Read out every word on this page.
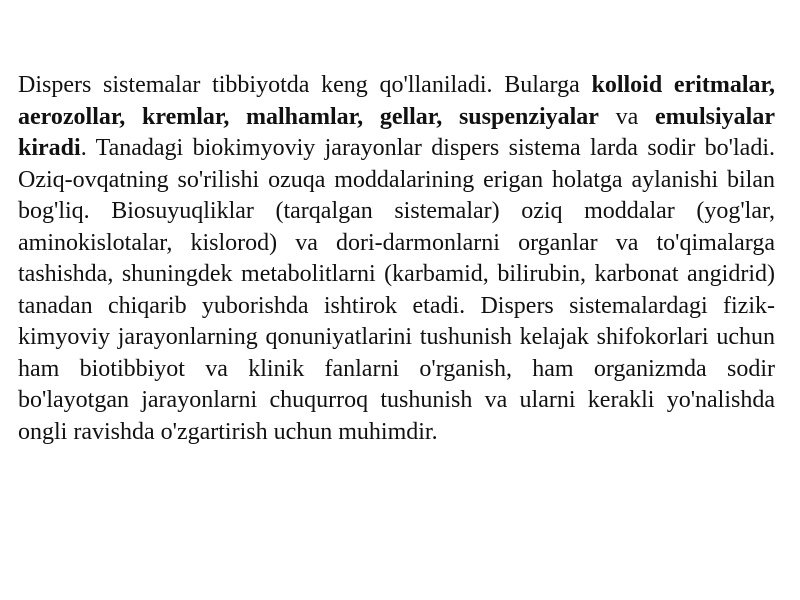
Dispers sistemalar tibbiyotda keng qo'llaniladi. Bularga kolloid eritmalar, aerozollar, kremlar, malhamlar, gellar, suspenziyalar va emulsiyalar kiradi. Tanadagi biokimyoviy jarayonlar dispers sistema larda sodir bo'ladi. Oziq-ovqatning so'rilishi ozuqa moddalarining erigan holatga aylanishi bilan bog'liq. Biosuyuqliklar (tarqalgan sistemalar) oziq moddalar (yog'lar, aminokislotalar, kislorod) va dori-darmonlarni organlar va to'qimalarga tashishda, shuningdek metabolitlarni (karbamid, bilirubin, karbonat angidrid) tanadan chiqarib yuborishda ishtirok etadi. Dispers sistemalardagi fizik-kimyoviy jarayonlarning qonuniyatlarini tushunish kelajak shifokorlari uchun ham biotibbiyot va klinik fanlarni o'rganish, ham organizmda sodir bo'layotgan jarayonlarni chuqurroq tushunish va ularni kerakli yo'nalishda ongli ravishda o'zgartirish uchun muhimdir.
